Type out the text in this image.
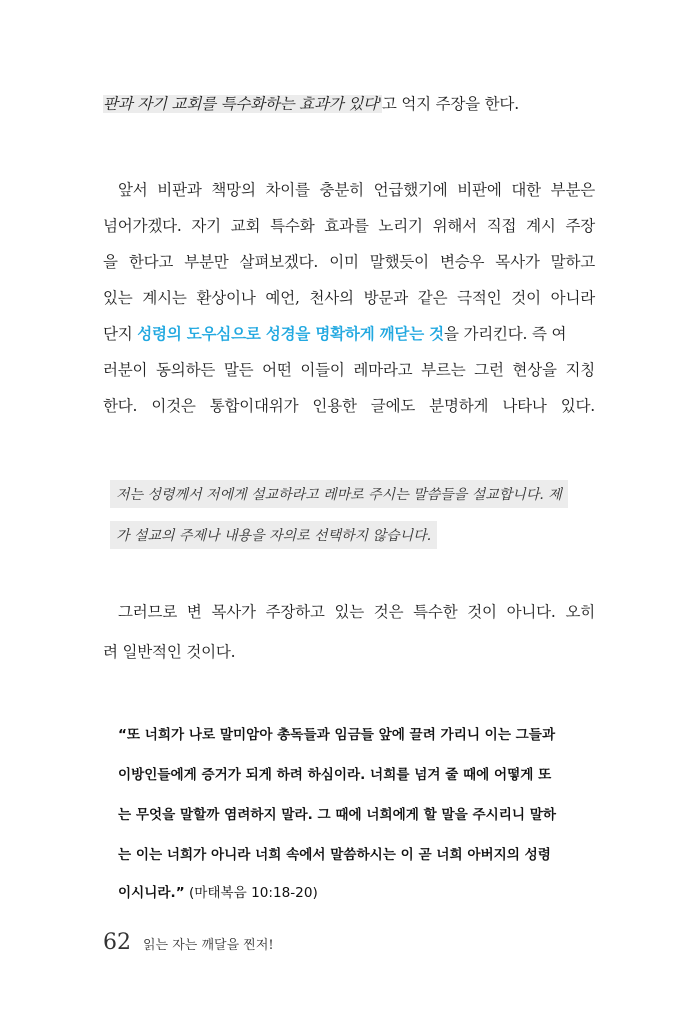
판과 자기 교회를 특수화하는 효과가 있다'고 억지 주장을 한다.
앞서 비판과 책망의 차이를 충분히 언급했기에 비판에 대한 부분은
넘어가겠다. 자기 교회 특수화 효과를 노리기 위해서 직접 계시 주장
을 한다고 부분만 살펴보겠다. 이미 말했듯이 변승우 목사가 말하고
있는 계시는 환상이나 예언, 천사의 방문과 같은 극적인 것이 아니라
단지 성령의 도우심으로 성경을 명확하게 깨닫는 것을 가리킨다. 즉 여
러분이 동의하든 말든 어떤 이들이 레마라고 부르는 그런 현상을 지칭
한다. 이것은 통합이대위가 인용한 글에도 분명하게 나타나 있다.
저는 성령께서 저에게 설교하라고 레마로 주시는 말씀들을 설교합니다. 제
가 설교의 주제나 내용을 자의로 선택하지 않습니다.
그러므로 변 목사가 주장하고 있는 것은 특수한 것이 아니다. 오히
려 일반적인 것이다.
“또 너희가 나로 말미암아 총독들과 임금들 앞에 끌려 가리니 이는 그들과
이방인들에게 증거가 되게 하려 하심이라. 너희를 넘겨 줄 때에 어떻게 또
는 무엇을 말할까 염려하지 말라. 그 때에 너희에게 할 말을 주시리니 말하
는 이는 너희가 아니라 너희 속에서 말씀하시는 이 곧 너희 아버지의 성령
이시니라.” (마태복음 10:18-20)
62 읽는 자는 깨달을 찐저!
